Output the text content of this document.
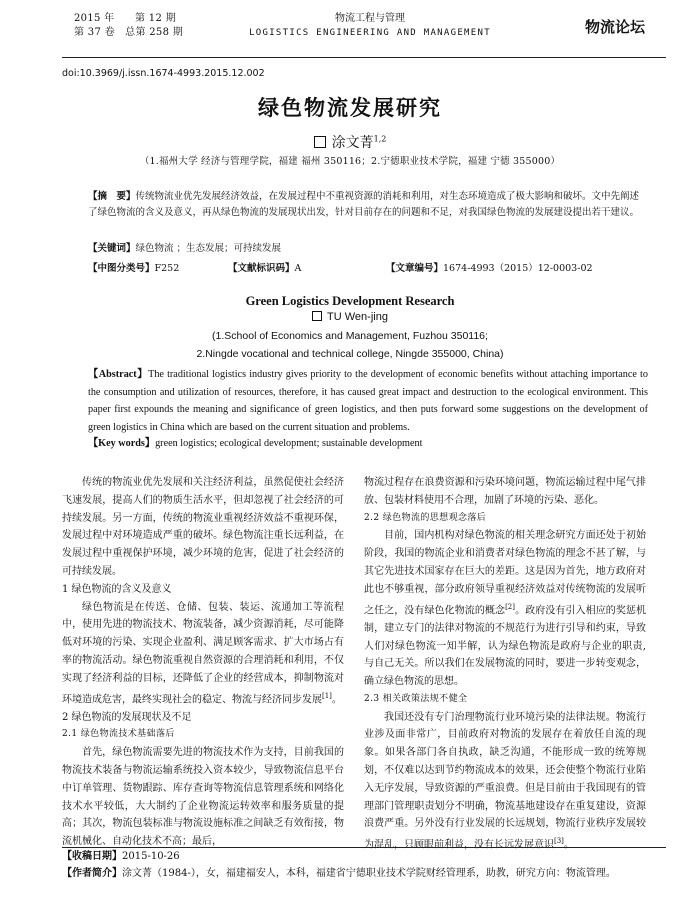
2015 年　　第 12 期
第 37 卷　总第 258 期
物流工程与管理
LOGISTICS ENGINEERING AND MANAGEMENT	物流论坛
doi:10.3969/j.issn.1674-4993.2015.12.002
绿色物流发展研究
涂文菁$^{1,2}$
（1.福州大学 经济与管理学院，福建 福州 350116；2.宁德职业技术学院，福建 宁德 355000）
【摘　要】传统物流业优先发展经济效益，在发展过程中不重视资源的消耗和利用，对生态环境造成了极大影响和破坏。文中先阐述了绿色物流的含义及意义，再从绿色物流的发展现状出发，针对目前存在的问题和不足，对我国绿色物流的发展建设提出若干建议。
【关键词】绿色物流 ；生态发展；可持续发展
【中图分类号】F252	【文献标识码】A	【文章编号】1674-4993（2015）12-0003-02
Green Logistics Development Research
TU Wen-jing
(1.School of Economics and Management, Fuzhou 350116;
2.Ningde vocational and technical college, Ningde 355000, China)
【Abstract】The traditional logistics industry gives priority to the development of economic benefits without attaching importance to the consumption and utilization of resources, therefore, it has caused great impact and destruction to the ecological environment. This paper first expounds the meaning and significance of green logistics, and then puts forward some suggestions on the development of green logistics in China which are based on the current situation and problems.
【Key words】green logistics; ecological development; sustainable development

传统的物流业优先发展和关注经济利益，虽然促使社会经济飞速发展，提高人们的物质生活水平，但却忽视了社会经济的可持续发展。另一方面，传统的物流业重视经济效益不重视环保，发展过程中对环境造成严重的破坏。绿色物流注重长远利益，在发展过程中重视保护环境，减少环境的危害，促进了社会经济的可持续发展。

1 绿色物流的含义及意义

绿色物流是在传送、仓储、包装、装运、流通加工等流程中，使用先进的物流技术、物流装备，减少资源消耗，尽可能降低对环境的污染、实现企业盈利、满足顾客需求、扩大市场占有率的物流活动。绿色物流重视自然资源的合理消耗和利用，不仅实现了经济利益的目标，还降低了企业的经营成本，抑制物流对环境造成危害，最终实现社会的稳定、物流与经济同步发展[1]。

2 绿色物流的发展现状及不足

2.1 绿色物流技术基础落后

首先，绿色物流需要先进的物流技术作为支持，目前我国的物流技术装备与物流运输系统投入资本较少，导致物流信息平台中订单管理、货物跟踪、库存查询等物流信息管理系统和网络化技术水平较低，大大制约了企业物流运转效率和服务质量的提高；其次，物流包装标准与物流设施标准之间缺乏有效衔接，物流机械化、自动化技术不高；最后，

物流过程存在浪费资源和污染环境问题，物流运输过程中尾气排放、包装材料使用不合理，加剧了环境的污染、恶化。

2.2 绿色物流的思想观念落后

目前，国内机构对绿色物流的相关理念研究方面还处于初始阶段，我国的物流企业和消费者对绿色物流的理念不甚了解，与其它先进技术国家存在巨大的差距。这是因为首先，地方政府对此也不够重视，部分政府领导重视经济效益对传统物流的发展听之任之，没有绿色化物流的概念[2]。政府没有引入相应的奖惩机制，建立专门的法律对物流的不规范行为进行引导和约束，导致人们对绿色物流一知半解，认为绿色物流是政府与企业的职责,与自己无关。所以我们在发展物流的同时，要进一步转变观念，确立绿色物流的思想。

2.3 相关政策法规不健全

我国还没有专门治理物流行业环境污染的法律法规。物流行业涉及面非常广，目前政府对物流的发展存在着放任自流的现象。如果各部门各自执政，缺乏沟通，不能形成一致的统筹规划，不仅难以达到节约物流成本的效果，还会使整个物流行业陷入无序发展，导致资源的严重浪费。但是目前由于我国现有的管理部门管理职责划分不明确，物流基地建设存在重复建设，资源浪费严重。另外没有行业发展的长远规划，物流行业秩序发展较为混乱，只顾眼前利益，没有长远发展意识[3]。

【收稿日期】2015-10-26
【作者简介】涂文菁（1984-），女，福建福安人，本科，福建省宁德职业技术学院财经管理系，助教，研究方向：物流管理。
